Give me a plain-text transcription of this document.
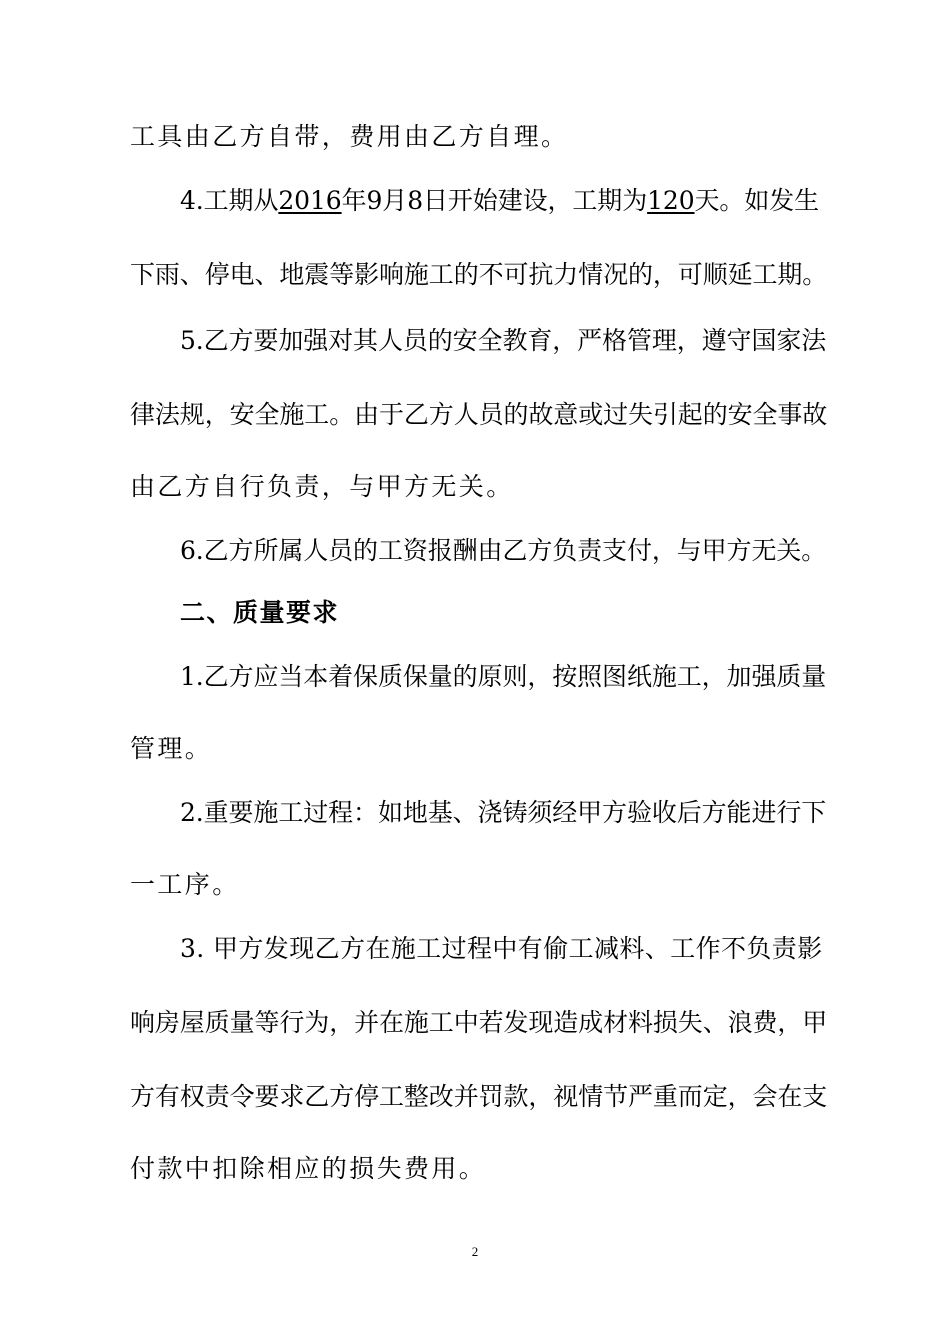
工具由乙方自带，费用由乙方自理。
4.工期从2016年9月8日开始建设，工期为120天。如发生
下雨、停电、地震等影响施工的不可抗力情况的，可顺延工期。
5.乙方要加强对其人员的安全教育，严格管理，遵守国家法
律法规，安全施工。由于乙方人员的故意或过失引起的安全事故
由乙方自行负责，与甲方无关。
6.乙方所属人员的工资报酬由乙方负责支付，与甲方无关。
二、质量要求
1.乙方应当本着保质保量的原则，按照图纸施工，加强质量
管理。
2.重要施工过程：如地基、浇铸须经甲方验收后方能进行下
一工序。
3. 甲方发现乙方在施工过程中有偷工减料、工作不负责影
响房屋质量等行为，并在施工中若发现造成材料损失、浪费，甲
方有权责令要求乙方停工整改并罚款，视情节严重而定，会在支
付款中扣除相应的损失费用。
2
